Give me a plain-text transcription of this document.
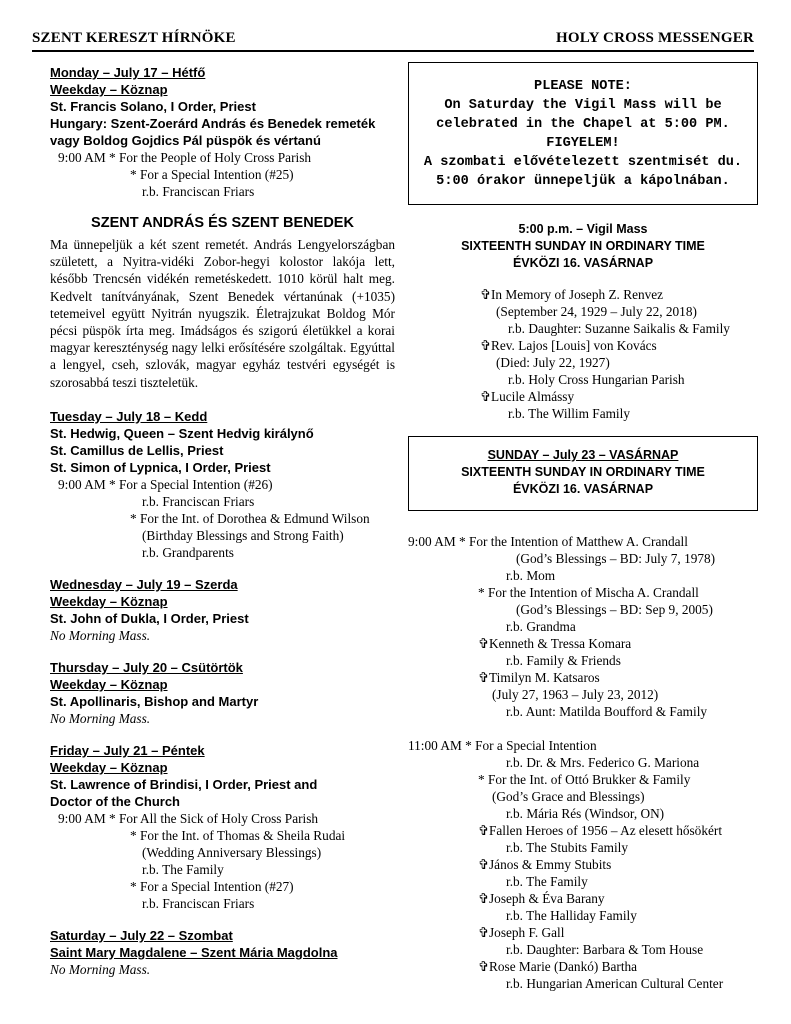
SZENT KERESZT HÍRNÖKE	HOLY CROSS MESSENGER
Monday – July 17 – Hétfő
Weekday – Köznap
St. Francis Solano, I Order, Priest
Hungary: Szent-Zoerárd András és Benedek remeték
vagy Boldog Gojdics Pál püspök és vértanú
9:00 AM * For the People of Holy Cross Parish
* For a Special Intention (#25)
r.b. Franciscan Friars
SZENT ANDRÁS ÉS SZENT BENEDEK

Ma ünnepeljük a két szent remetét. András Lengyelországban született, a Nyitra-vidéki Zobor-hegyi kolostor lakója lett, később Trencsén vidékén remetéskedett. 1010 körül halt meg. Kedvelt tanítványának, Szent Benedek vértanúnak (+1035) tetemeivel együtt Nyitrán nyugszik. Életrajzukat Boldog Mór pécsi püspök írta meg. Imádságos és szigorú életükkel a korai magyar kereszténység nagy lelki erősítésére szolgáltak. Egyúttal a lengyel, cseh, szlovák, magyar egyház testvéri egységét is szorosabbá teszi tiszteletük.

Tuesday – July 18 – Kedd
St. Hedwig, Queen – Szent Hedvig királynő
St. Camillus de Lellis, Priest
St. Simon of Lypnica, I Order, Priest
9:00 AM * For a Special Intention (#26)
r.b. Franciscan Friars
* For the Int. of Dorothea & Edmund Wilson
(Birthday Blessings and Strong Faith)
r.b. Grandparents
Wednesday – July 19 – Szerda
Weekday – Köznap
St. John of Dukla, I Order, Priest
No Morning Mass.
Thursday – July 20 – Csütörtök
Weekday – Köznap
St. Apollinaris, Bishop and Martyr
No Morning Mass.
Friday – July 21 – Péntek
Weekday – Köznap
St. Lawrence of Brindisi, I Order, Priest and
Doctor of the Church
9:00 AM * For All the Sick of Holy Cross Parish
* For the Int. of Thomas & Sheila Rudai
(Wedding Anniversary Blessings)
r.b. The Family
* For a Special Intention (#27)
r.b. Franciscan Friars
Saturday – July 22 – Szombat
Saint Mary Magdalene – Szent Mária Magdolna
No Morning Mass.
PLEASE NOTE:
On Saturday the Vigil Mass will be
celebrated in the Chapel at 5:00 PM.
FIGYELEM!
A szombati elővételezett szentmisét du.
5:00 órakor ünnepeljük a kápolnában.
5:00 p.m. – Vigil Mass
SIXTEENTH SUNDAY IN ORDINARY TIME
ÉVKÖZI 16. VASÁRNAP
✞In Memory of Joseph Z. Renvez
(September 24, 1929 – July 22, 2018)
r.b. Daughter: Suzanne Saikalis & Family
✞Rev. Lajos [Louis] von Kovács
(Died: July 22, 1927)
r.b. Holy Cross Hungarian Parish
✞Lucile Almássy
r.b. The Willim Family
SUNDAY – July 23 – VASÁRNAP
SIXTEENTH SUNDAY IN ORDINARY TIME
ÉVKÖZI 16. VASÁRNAP
9:00 AM * For the Intention of Matthew A. Crandall
(God’s Blessings – BD: July 7, 1978)
r.b. Mom
* For the Intention of Mischa A. Crandall
(God’s Blessings – BD: Sep 9, 2005)
r.b. Grandma
✞Kenneth & Tressa Komara
r.b. Family & Friends
✞Timilyn M. Katsaros
(July 27, 1963 – July 23, 2012)
r.b. Aunt: Matilda Boufford & Family
11:00 AM * For a Special Intention
r.b. Dr. & Mrs. Federico G. Mariona
* For the Int. of Ottó Brukker & Family
(God’s Grace and Blessings)
r.b. Mária Rés (Windsor, ON)
✞Fallen Heroes of 1956 – Az elesett hősökért
r.b. The Stubits Family
✞János & Emmy Stubits
r.b. The Family
✞Joseph & Éva Barany
r.b. The Halliday Family
✞Joseph F. Gall
r.b. Daughter: Barbara & Tom House
✞Rose Marie (Dankó) Bartha
r.b. Hungarian American Cultural Center
